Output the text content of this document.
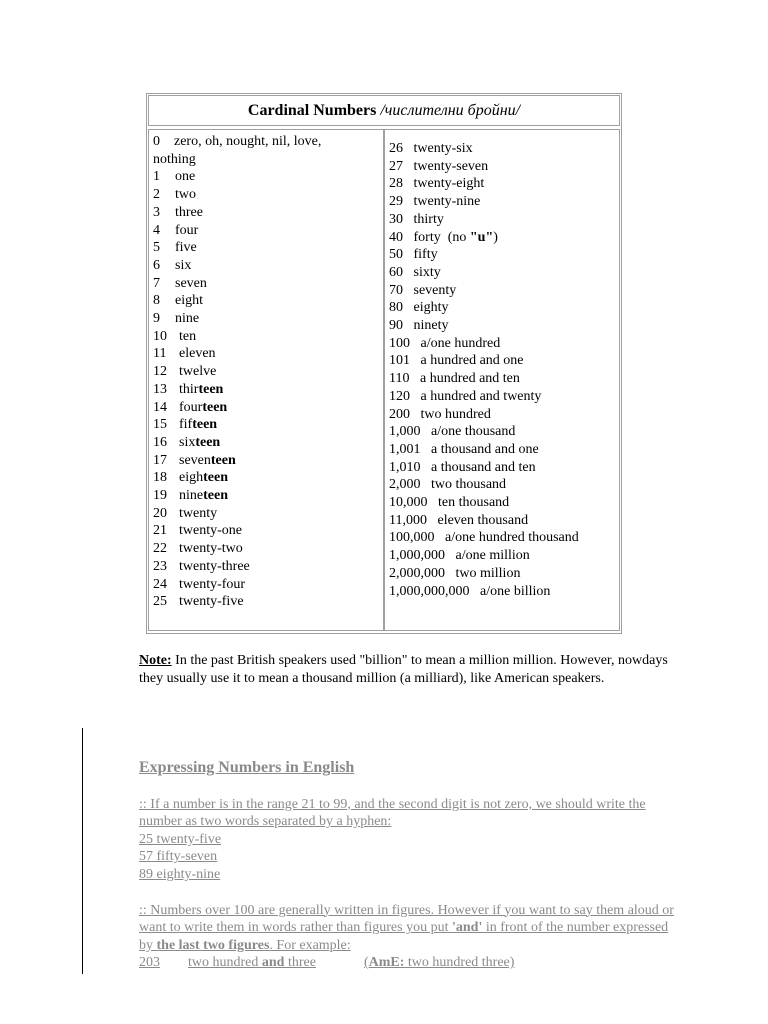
Cardinal Numbers /числителни бройни/
0 zero, oh, nought, nil, love,
nothing
1 one
2 two
3 three
4 four
5 five
6 six
7 seven
8 eight
9 nine
10 ten
11 eleven
12 twelve
13 thirteen
14 fourteen
15 fifteen
16 sixteen
17 seventeen
18 eighteen
19 nineteen
20 twenty
21 twenty-one
22 twenty-two
23 twenty-three
24 twenty-four
25 twenty-five
26 twenty-six
27 twenty-seven
28 twenty-eight
29 twenty-nine
30 thirty
40 forty  (no "u")
50 fifty
60 sixty
70 seventy
80 eighty
90 ninety
100 a/one hundred
101 a hundred and one
110 a hundred and ten
120 a hundred and twenty
200 two hundred
1,000 a/one thousand
1,001 a thousand and one
1,010 a thousand and ten
2,000 two thousand
10,000 ten thousand
11,000 eleven thousand
100,000 a/one hundred thousand
1,000,000 a/one million
2,000,000 two million
1,000,000,000 a/one billion
Note: In the past British speakers used "billion" to mean a million million. However, nowdays they usually use it to mean a thousand million (a milliard), like American speakers.
Expressing Numbers in English
:: If a number is in the range 21 to 99, and the second digit is not zero, we should write the number as two words separated by a hyphen:
25 twenty-five
57 fifty-seven
89 eighty-nine
:: Numbers over 100 are generally written in figures. However if you want to say them aloud or want to write them in words rather than figures you put 'and' in front of the number expressed by the last two figures. For example:
203 two hundred and three	(AmE: two hundred three)
